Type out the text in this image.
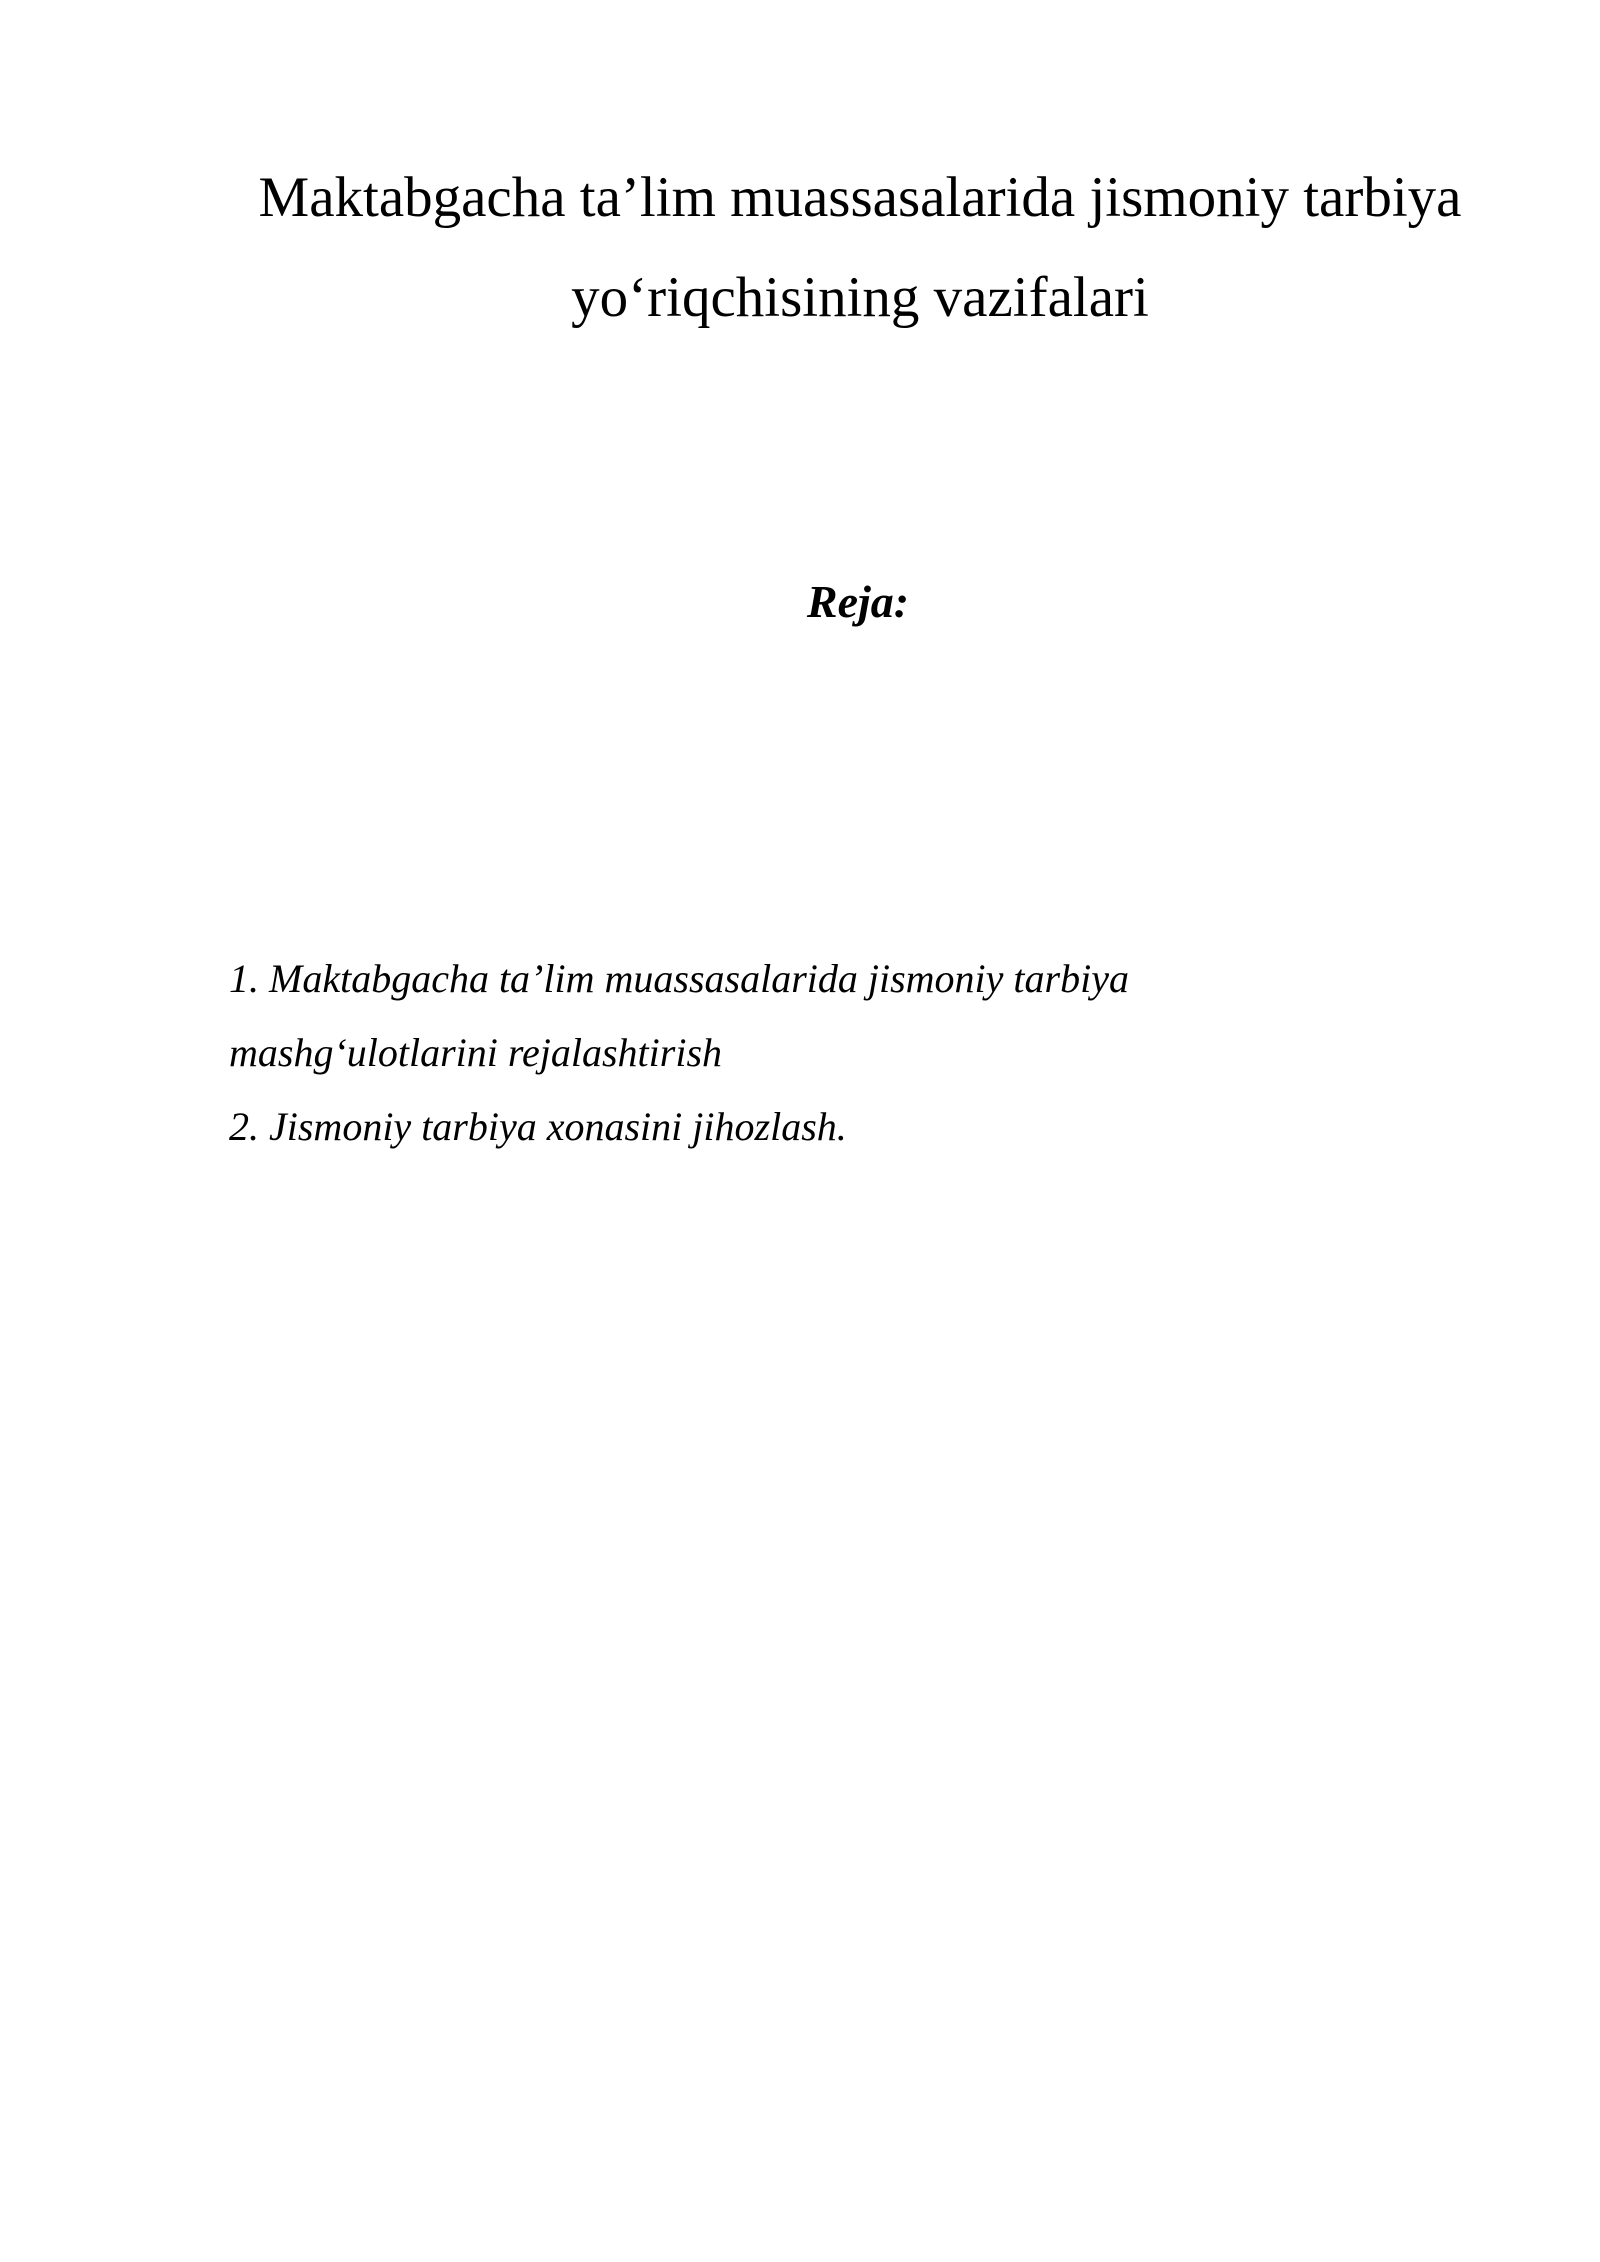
Maktabgacha ta’lim muassasalarida jismoniy tarbiya
yo‘riqchisining vazifalari
Reja:
1. Maktabgacha ta’lim muassasalarida jismoniy tarbiya
mashg‘ulotlarini rejalashtirish
2. Jismoniy tarbiya xonasini jihozlash.
